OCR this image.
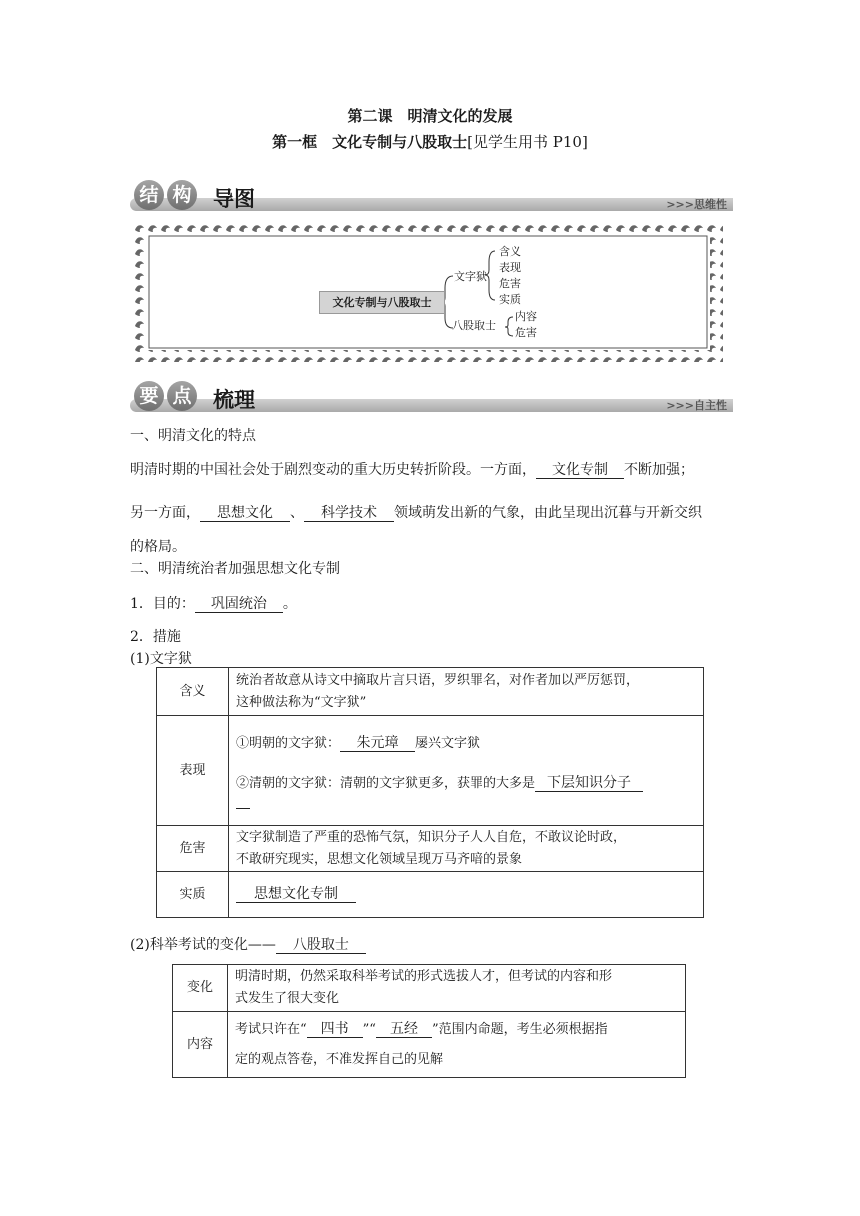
第二课　明清文化的发展
第一框　文化专制与八股取士[见学生用书 P10]
结 构 导图	>>>思维性
文化专制与八股取士
文字狱
含义
表现
危害
实质
八股取士
内容
危害
要 点 梳理	>>>自主性
一、明清文化的特点
明清时期的中国社会处于剧烈变动的重大历史转折阶段。一方面， 文化专制 不断加强；
另一方面， 思想文化 、 科学技术 领域萌发出新的气象，由此呈现出沉暮与开新交织
的格局。
二、明清统治者加强思想文化专制
1．目的： 巩固统治 。
2．措施
(1)文字狱
含义	统治者故意从诗文中摘取片言只语，罗织罪名，对作者加以严厉惩罚，
这种做法称为“文字狱”

表现	①明朝的文字狱： 朱元璋 屡兴文字狱
②清朝的文字狱：清朝的文字狱更多，获罪的大多是 下层知识分子

危害	文字狱制造了严重的恐怖气氛，知识分子人人自危，不敢议论时政，
不敢研究现实，思想文化领域呈现万马齐喑的景象

实质	思想文化专制
(2)科举考试的变化—— 八股取士
变化	明清时期，仍然采取科举考试的形式选拔人才，但考试的内容和形
式发生了很大变化

内容	考试只许在“ 四书 ”“ 五经 ”范围内命题，考生必须根据指
定的观点答卷，不准发挥自己的见解
